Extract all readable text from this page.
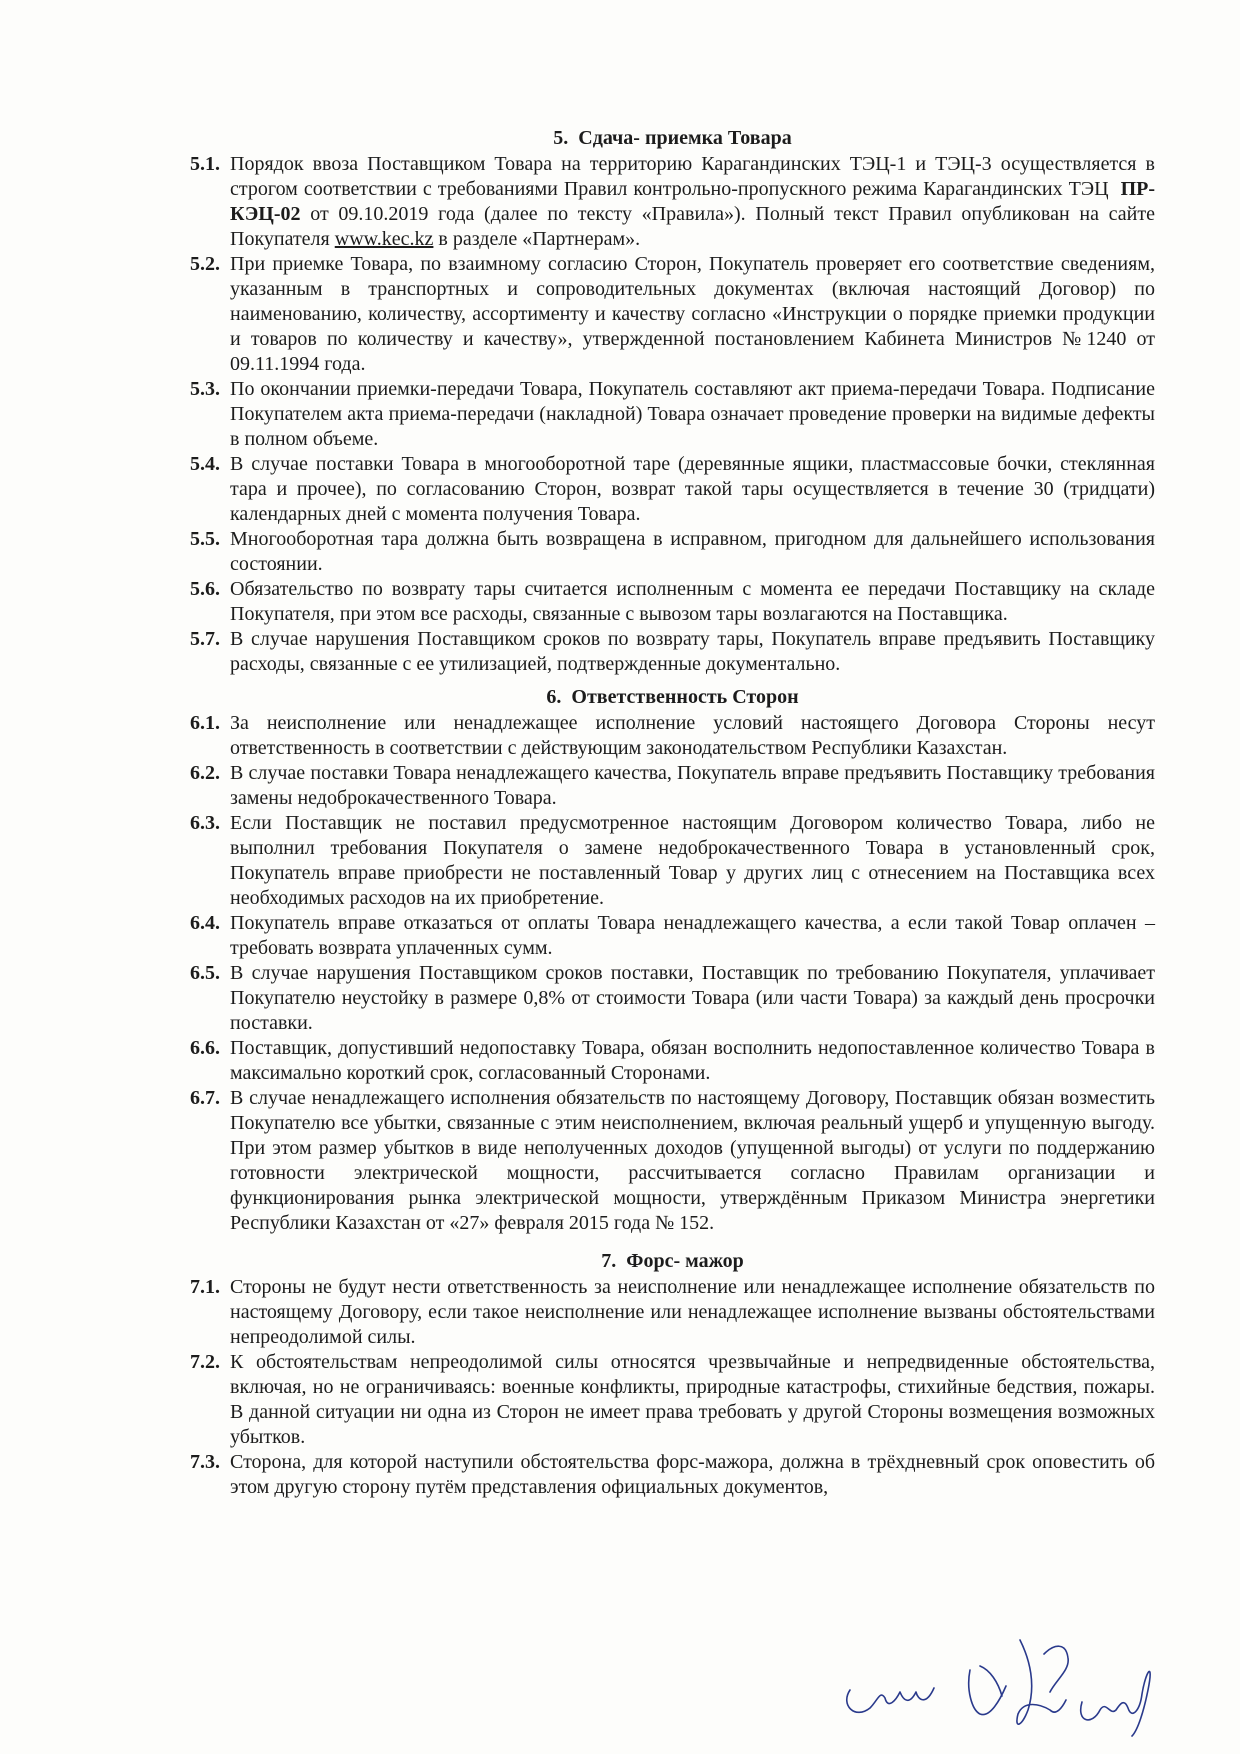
5. Сдача- приемка Товара
5.1. Порядок ввоза Поставщиком Товара на территорию Карагандинских ТЭЦ-1 и ТЭЦ-3 осуществляется в строгом соответствии с требованиями Правил контрольно-пропускного режима Карагандинских ТЭЦ ПР-КЭЦ-02 от 09.10.2019 года (далее по тексту «Правила»). Полный текст Правил опубликован на сайте Покупателя www.kec.kz в разделе «Партнерам».
5.2. При приемке Товара, по взаимному согласию Сторон, Покупатель проверяет его соответствие сведениям, указанным в транспортных и сопроводительных документах (включая настоящий Договор) по наименованию, количеству, ассортименту и качеству согласно «Инструкции о порядке приемки продукции и товаров по количеству и качеству», утвержденной постановлением Кабинета Министров №1240 от 09.11.1994 года.
5.3. По окончании приемки-передачи Товара, Покупатель составляют акт приема-передачи Товара. Подписание Покупателем акта приема-передачи (накладной) Товара означает проведение проверки на видимые дефекты в полном объеме.
5.4. В случае поставки Товара в многооборотной таре (деревянные ящики, пластмассовые бочки, стеклянная тара и прочее), по согласованию Сторон, возврат такой тары осуществляется в течение 30 (тридцати) календарных дней с момента получения Товара.
5.5. Многооборотная тара должна быть возвращена в исправном, пригодном для дальнейшего использования состоянии.
5.6. Обязательство по возврату тары считается исполненным с момента ее передачи Поставщику на складе Покупателя, при этом все расходы, связанные с вывозом тары возлагаются на Поставщика.
5.7. В случае нарушения Поставщиком сроков по возврату тары, Покупатель вправе предъявить Поставщику расходы, связанные с ее утилизацией, подтвержденные документально.
6. Ответственность Сторон
6.1. За неисполнение или ненадлежащее исполнение условий настоящего Договора Стороны несут ответственность в соответствии с действующим законодательством Республики Казахстан.
6.2. В случае поставки Товара ненадлежащего качества, Покупатель вправе предъявить Поставщику требования замены недоброкачественного Товара.
6.3. Если Поставщик не поставил предусмотренное настоящим Договором количество Товара, либо не выполнил требования Покупателя о замене недоброкачественного Товара в установленный срок, Покупатель вправе приобрести не поставленный Товар у других лиц с отнесением на Поставщика всех необходимых расходов на их приобретение.
6.4. Покупатель вправе отказаться от оплаты Товара ненадлежащего качества, а если такой Товар оплачен – требовать возврата уплаченных сумм.
6.5. В случае нарушения Поставщиком сроков поставки, Поставщик по требованию Покупателя, уплачивает Покупателю неустойку в размере 0,8% от стоимости Товара (или части Товара) за каждый день просрочки поставки.
6.6. Поставщик, допустивший недопоставку Товара, обязан восполнить недопоставленное количество Товара в максимально короткий срок, согласованный Сторонами.
6.7. В случае ненадлежащего исполнения обязательств по настоящему Договору, Поставщик обязан возместить Покупателю все убытки, связанные с этим неисполнением, включая реальный ущерб и упущенную выгоду. При этом размер убытков в виде неполученных доходов (упущенной выгоды) от услуги по поддержанию готовности электрической мощности, рассчитывается согласно Правилам организации и функционирования рынка электрической мощности, утверждённым Приказом Министра энергетики Республики Казахстан от «27» февраля 2015 года № 152.
7. Форс- мажор
7.1. Стороны не будут нести ответственность за неисполнение или ненадлежащее исполнение обязательств по настоящему Договору, если такое неисполнение или ненадлежащее исполнение вызваны обстоятельствами непреодолимой силы.
7.2. К обстоятельствам непреодолимой силы относятся чрезвычайные и непредвиденные обстоятельства, включая, но не ограничиваясь: военные конфликты, природные катастрофы, стихийные бедствия, пожары. В данной ситуации ни одна из Сторон не имеет права требовать у другой Стороны возмещения возможных убытков.
7.3. Сторона, для которой наступили обстоятельства форс-мажора, должна в трёхдневный срок оповестить об этом другую сторону путём представления официальных документов,
